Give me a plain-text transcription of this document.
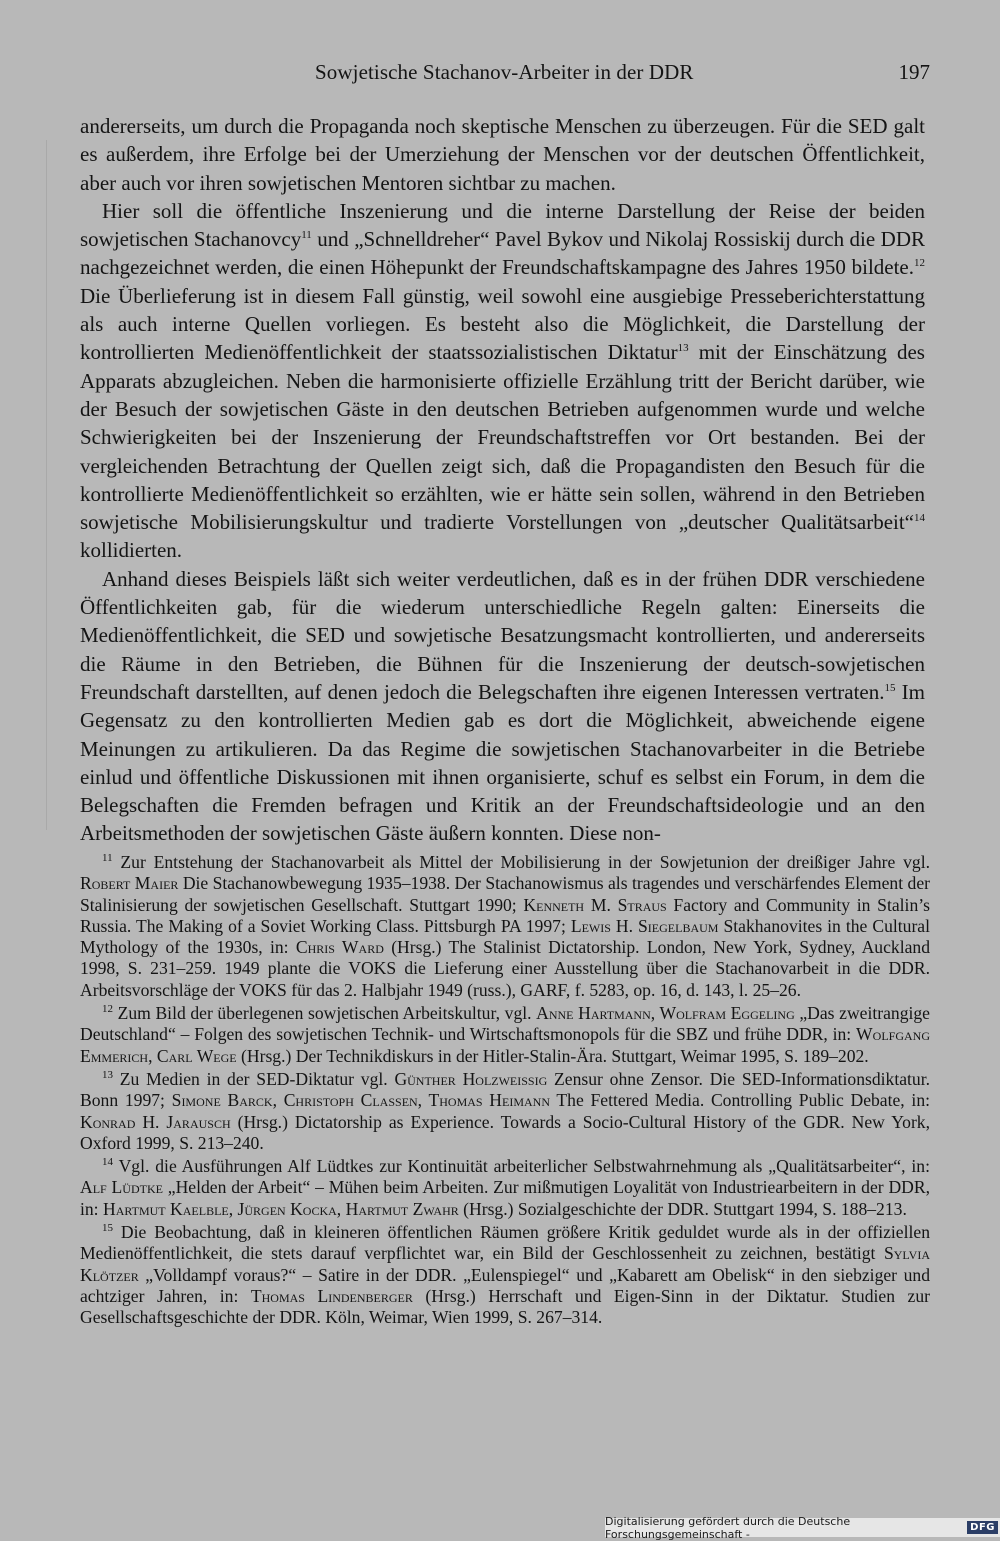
Sowjetische Stachanov-Arbeiter in der DDR	197

andererseits, um durch die Propaganda noch skeptische Menschen zu überzeugen. Für die SED galt es außerdem, ihre Erfolge bei der Umerziehung der Menschen vor der deutschen Öffentlichkeit, aber auch vor ihren sowjetischen Mentoren sichtbar zu machen.

Hier soll die öffentliche Inszenierung und die interne Darstellung der Reise der beiden sowjetischen Stachanovcy$^{11}$ und „Schnelldreher“ Pavel Bykov und Nikolaj Rossiskij durch die DDR nachgezeichnet werden, die einen Höhepunkt der Freundschaftskampagne des Jahres 1950 bildete.$^{12}$ Die Überlieferung ist in diesem Fall günstig, weil sowohl eine ausgiebige Presseberichterstattung als auch interne Quellen vorliegen. Es besteht also die Möglichkeit, die Darstellung der kontrollierten Medienöffentlichkeit der staatssozialistischen Diktatur$^{13}$ mit der Einschätzung des Apparats abzugleichen. Neben die harmonisierte offizielle Erzählung tritt der Bericht darüber, wie der Besuch der sowjetischen Gäste in den deutschen Betrieben aufgenommen wurde und welche Schwierigkeiten bei der Inszenierung der Freundschaftstreffen vor Ort bestanden. Bei der vergleichenden Betrachtung der Quellen zeigt sich, daß die Propagandisten den Besuch für die kontrollierte Medienöffentlichkeit so erzählten, wie er hätte sein sollen, während in den Betrieben sowjetische Mobilisierungskultur und tradierte Vorstellungen von „deutscher Qualitätsarbeit“$^{14}$ kollidierten.

Anhand dieses Beispiels läßt sich weiter verdeutlichen, daß es in der frühen DDR verschiedene Öffentlichkeiten gab, für die wiederum unterschiedliche Regeln galten: Einerseits die Medienöffentlichkeit, die SED und sowjetische Besatzungsmacht kontrollierten, und andererseits die Räume in den Betrieben, die Bühnen für die Inszenierung der deutsch-sowjetischen Freundschaft darstellten, auf denen jedoch die Belegschaften ihre eigenen Interessen vertraten.$^{15}$ Im Gegensatz zu den kontrollierten Medien gab es dort die Möglichkeit, abweichende eigene Meinungen zu artikulieren. Da das Regime die sowjetischen Stachanovarbeiter in die Betriebe einlud und öffentliche Diskussionen mit ihnen organisierte, schuf es selbst ein Forum, in dem die Belegschaften die Fremden befragen und Kritik an der Freundschaftsideologie und an den Arbeitsmethoden der sowjetischen Gäste äußern konnten. Diese non-

$^{11}$ Zur Entstehung der Stachanovarbeit als Mittel der Mobilisierung in der Sowjetunion der dreißiger Jahre vgl. Robert Maier Die Stachanowbewegung 1935–1938. Der Stachanowismus als tragendes und verschärfendes Element der Stalinisierung der sowjetischen Gesellschaft. Stuttgart 1990; Kenneth M. Straus Factory and Community in Stalin’s Russia. The Making of a Soviet Working Class. Pittsburgh PA 1997; Lewis H. Siegelbaum Stakhanovites in the Cultural Mythology of the 1930s, in: Chris Ward (Hrsg.) The Stalinist Dictatorship. London, New York, Sydney, Auckland 1998, S. 231–259. 1949 plante die VOKS die Lieferung einer Ausstellung über die Stachanovarbeit in die DDR. Arbeitsvorschläge der VOKS für das 2. Halbjahr 1949 (russ.), GARF, f. 5283, op. 16, d. 143, l. 25–26.

$^{12}$ Zum Bild der überlegenen sowjetischen Arbeitskultur, vgl. Anne Hartmann, Wolfram Eggeling „Das zweitrangige Deutschland“ – Folgen des sowjetischen Technik- und Wirtschaftsmonopols für die SBZ und frühe DDR, in: Wolfgang Emmerich, Carl Wege (Hrsg.) Der Technikdiskurs in der Hitler-Stalin-Ära. Stuttgart, Weimar 1995, S. 189–202.

$^{13}$ Zu Medien in der SED-Diktatur vgl. Günther Holzweißig Zensur ohne Zensor. Die SED-Informationsdiktatur. Bonn 1997; Simone Barck, Christoph Classen, Thomas Heimann The Fettered Media. Controlling Public Debate, in: Konrad H. Jarausch (Hrsg.) Dictatorship as Experience. Towards a Socio-Cultural History of the GDR. New York, Oxford 1999, S. 213–240.

$^{14}$ Vgl. die Ausführungen Alf Lüdtkes zur Kontinuität arbeiterlicher Selbstwahrnehmung als „Qualitätsarbeiter“, in: Alf Lüdtke „Helden der Arbeit“ – Mühen beim Arbeiten. Zur mißmutigen Loyalität von Industriearbeitern in der DDR, in: Hartmut Kaelble, Jürgen Kocka, Hartmut Zwahr (Hrsg.) Sozialgeschichte der DDR. Stuttgart 1994, S. 188–213.

$^{15}$ Die Beobachtung, daß in kleineren öffentlichen Räumen größere Kritik geduldet wurde als in der offiziellen Medienöffentlichkeit, die stets darauf verpflichtet war, ein Bild der Geschlossenheit zu zeichnen, bestätigt Sylvia Klötzer „Volldampf voraus?“ – Satire in der DDR. „Eulenspiegel“ und „Kabarett am Obelisk“ in den siebziger und achtziger Jahren, in: Thomas Lindenberger (Hrsg.) Herrschaft und Eigen-Sinn in der Diktatur. Studien zur Gesellschaftsgeschichte der DDR. Köln, Weimar, Wien 1999, S. 267–314.

Digitalisierung gefördert durch die Deutsche Forschungsgemeinschaft -	DFG
